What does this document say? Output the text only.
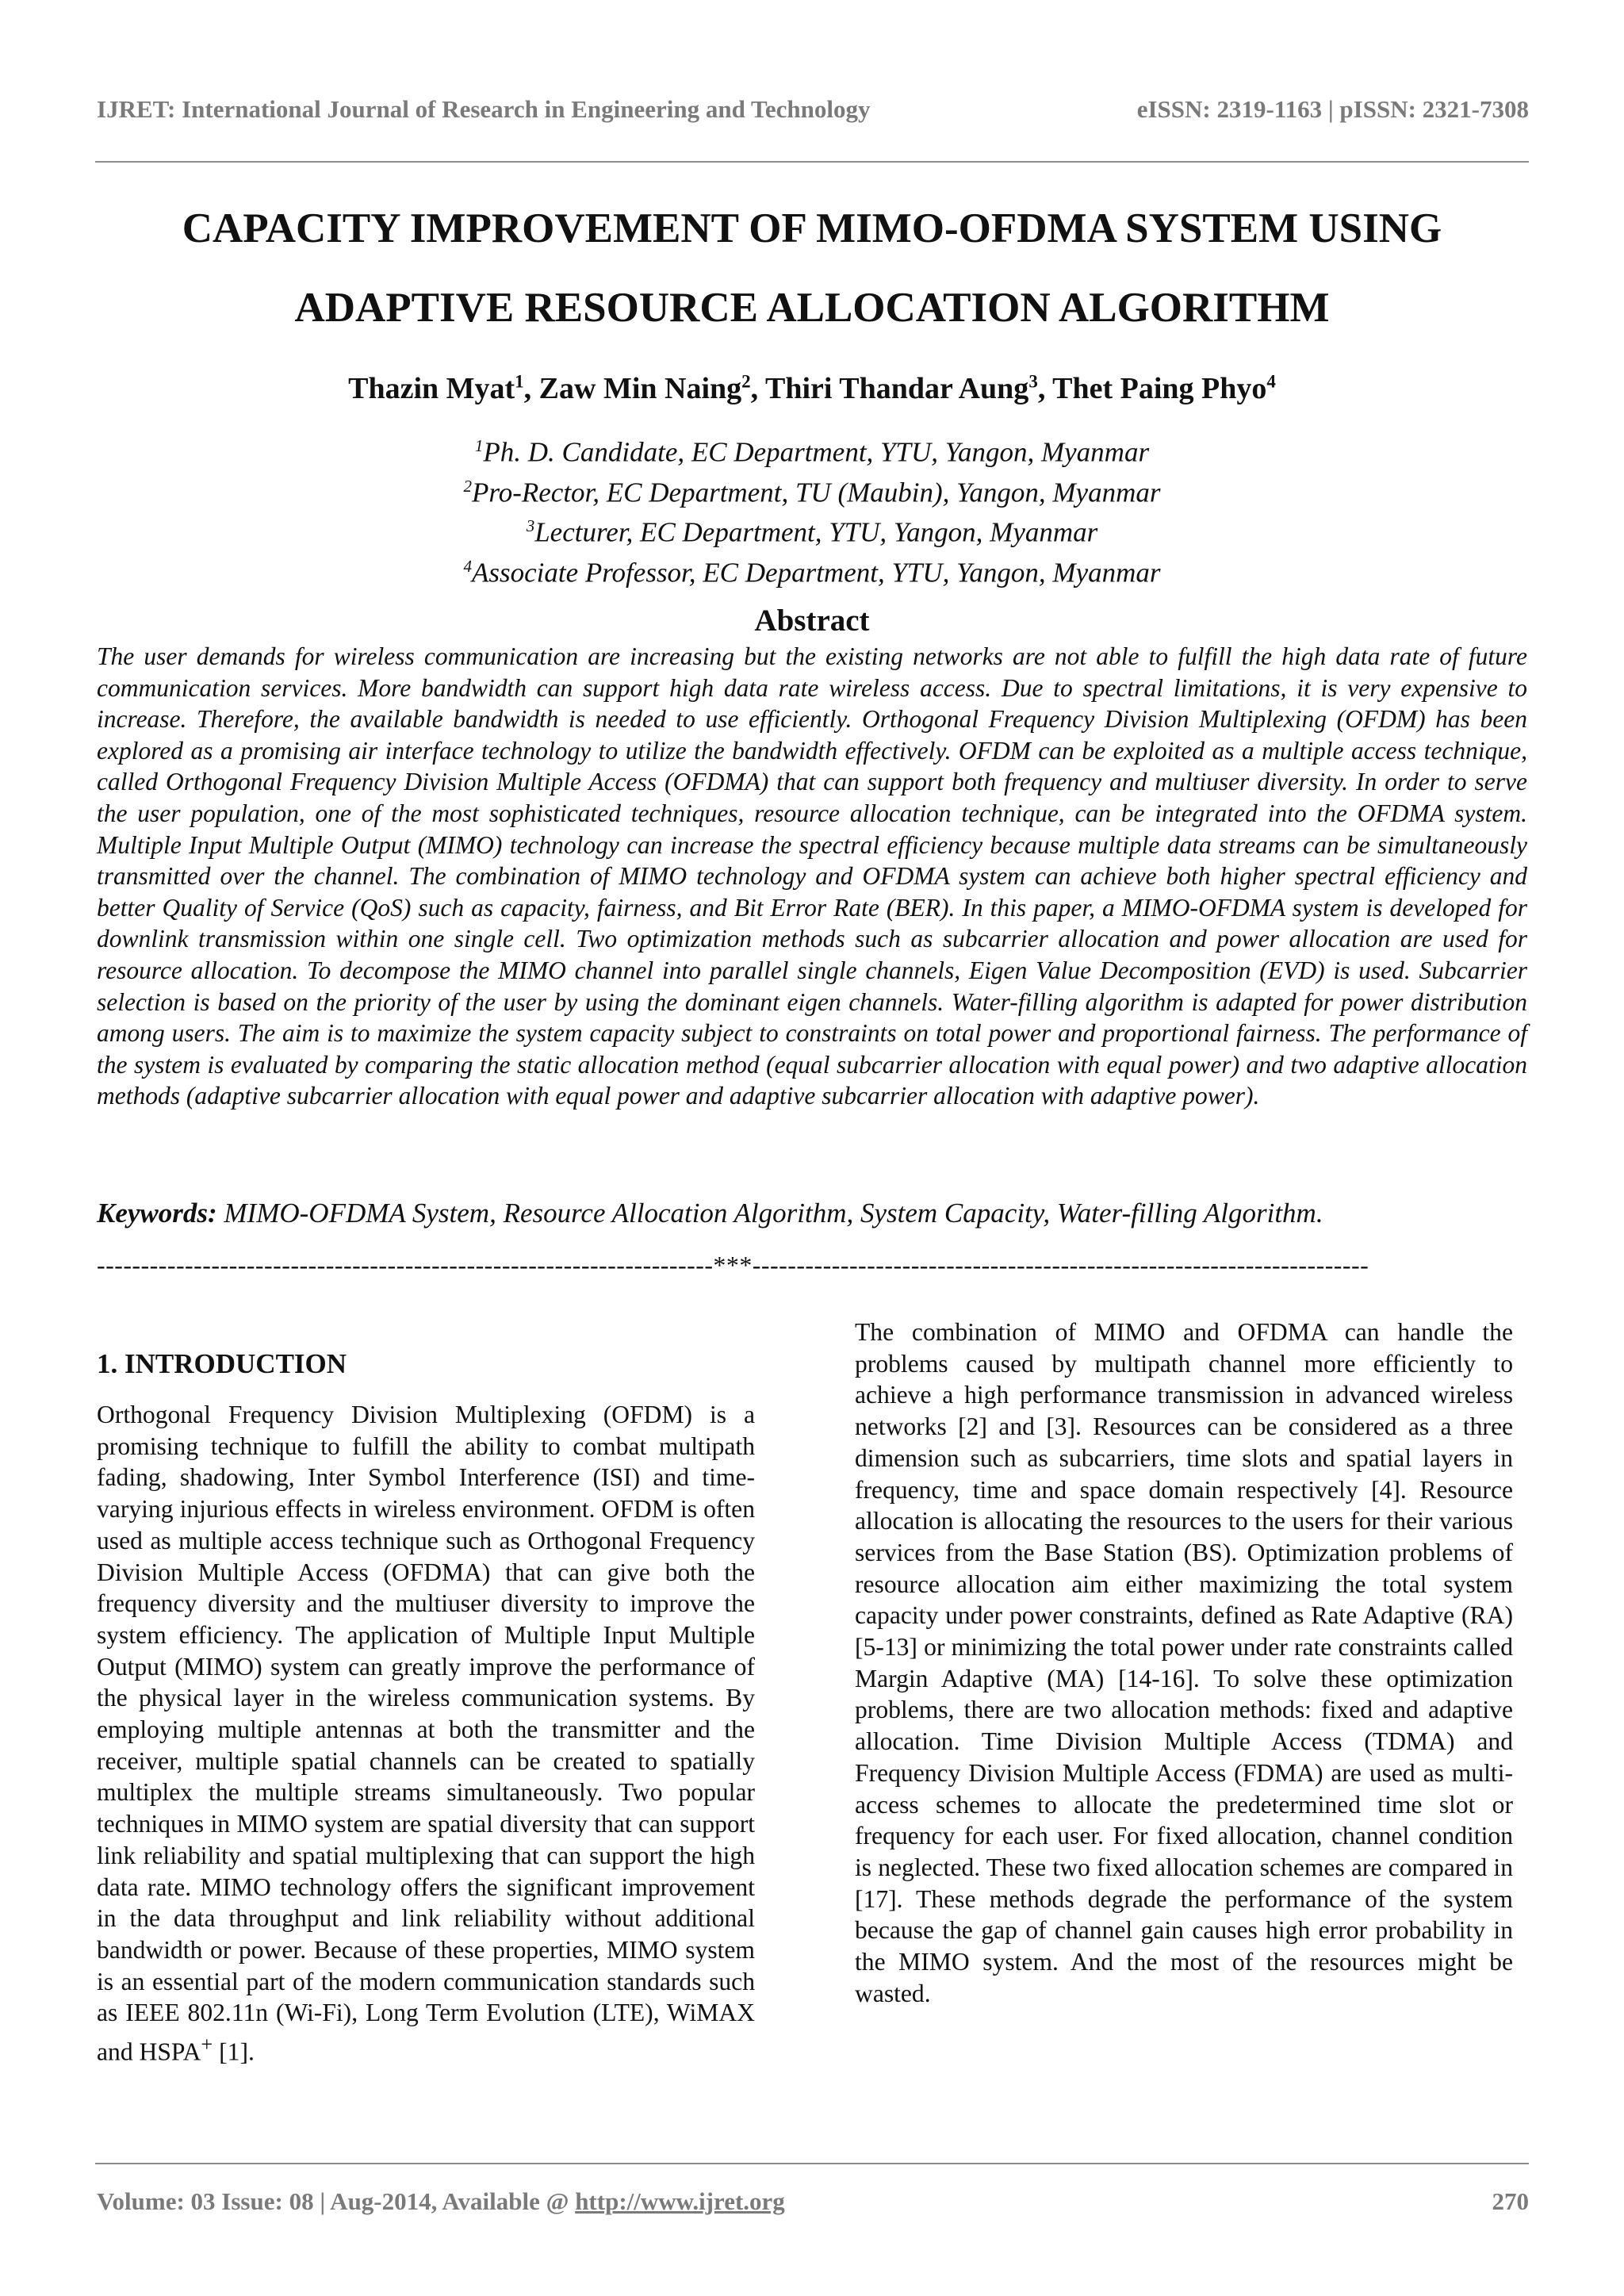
IJRET: International Journal of Research in Engineering and Technology	eISSN: 2319-1163 | pISSN: 2321-7308
CAPACITY IMPROVEMENT OF MIMO-OFDMA SYSTEM USING
ADAPTIVE RESOURCE ALLOCATION ALGORITHM
Thazin Myat$^1$, Zaw Min Naing$^2$, Thiri Thandar Aung$^3$, Thet Paing Phyo$^4$
$^1$Ph. D. Candidate, EC Department, YTU, Yangon, Myanmar
$^2$Pro-Rector, EC Department, TU (Maubin), Yangon, Myanmar
$^3$Lecturer, EC Department, YTU, Yangon, Myanmar
$^4$Associate Professor, EC Department, YTU, Yangon, Myanmar
Abstract

The user demands for wireless communication are increasing but the existing networks are not able to fulfill the high data rate of future communication services. More bandwidth can support high data rate wireless access. Due to spectral limitations, it is very expensive to increase. Therefore, the available bandwidth is needed to use efficiently. Orthogonal Frequency Division Multiplexing (OFDM) has been explored as a promising air interface technology to utilize the bandwidth effectively. OFDM can be exploited as a multiple access technique, called Orthogonal Frequency Division Multiple Access (OFDMA) that can support both frequency and multiuser diversity. In order to serve the user population, one of the most sophisticated techniques, resource allocation technique, can be integrated into the OFDMA system. Multiple Input Multiple Output (MIMO) technology can increase the spectral efficiency because multiple data streams can be simultaneously transmitted over the channel. The combination of MIMO technology and OFDMA system can achieve both higher spectral efficiency and better Quality of Service (QoS) such as capacity, fairness, and Bit Error Rate (BER). In this paper, a MIMO-OFDMA system is developed for downlink transmission within one single cell. Two optimization methods such as subcarrier allocation and power allocation are used for resource allocation. To decompose the MIMO channel into parallel single channels, Eigen Value Decomposition (EVD) is used. Subcarrier selection is based on the priority of the user by using the dominant eigen channels. Water-filling algorithm is adapted for power distribution among users. The aim is to maximize the system capacity subject to constraints on total power and proportional fairness. The performance of the system is evaluated by comparing the static allocation method (equal subcarrier allocation with equal power) and two adaptive allocation methods (adaptive subcarrier allocation with equal power and adaptive subcarrier allocation with adaptive power).

Keywords: MIMO-OFDMA System, Resource Allocation Algorithm, System Capacity, Water-filling Algorithm.
----------------------------------------------------------------------***----------------------------------------------------------------------
1. INTRODUCTION

Orthogonal Frequency Division Multiplexing (OFDM) is a promising technique to fulfill the ability to combat multipath fading, shadowing, Inter Symbol Interference (ISI) and time-varying injurious effects in wireless environment. OFDM is often used as multiple access technique such as Orthogonal Frequency Division Multiple Access (OFDMA) that can give both the frequency diversity and the multiuser diversity to improve the system efficiency. The application of Multiple Input Multiple Output (MIMO) system can greatly improve the performance of the physical layer in the wireless communication systems. By employing multiple antennas at both the transmitter and the receiver, multiple spatial channels can be created to spatially multiplex the multiple streams simultaneously. Two popular techniques in MIMO system are spatial diversity that can support link reliability and spatial multiplexing that can support the high data rate. MIMO technology offers the significant improvement in the data throughput and link reliability without additional bandwidth or power. Because of these properties, MIMO system is an essential part of the modern communication standards such as IEEE 802.11n (Wi-Fi), Long Term Evolution (LTE), WiMAX and HSPA+ [1].

The combination of MIMO and OFDMA can handle the problems caused by multipath channel more efficiently to achieve a high performance transmission in advanced wireless networks [2] and [3]. Resources can be considered as a three dimension such as subcarriers, time slots and spatial layers in frequency, time and space domain respectively [4]. Resource allocation is allocating the resources to the users for their various services from the Base Station (BS). Optimization problems of resource allocation aim either maximizing the total system capacity under power constraints, defined as Rate Adaptive (RA) [5-13] or minimizing the total power under rate constraints called Margin Adaptive (MA) [14-16]. To solve these optimization problems, there are two allocation methods: fixed and adaptive allocation. Time Division Multiple Access (TDMA) and Frequency Division Multiple Access (FDMA) are used as multi-access schemes to allocate the predetermined time slot or frequency for each user. For fixed allocation, channel condition is neglected. These two fixed allocation schemes are compared in [17]. These methods degrade the performance of the system because the gap of channel gain causes high error probability in the MIMO system. And the most of the resources might be wasted.

Volume: 03 Issue: 08 | Aug-2014, Available @ http://www.ijret.org	270
